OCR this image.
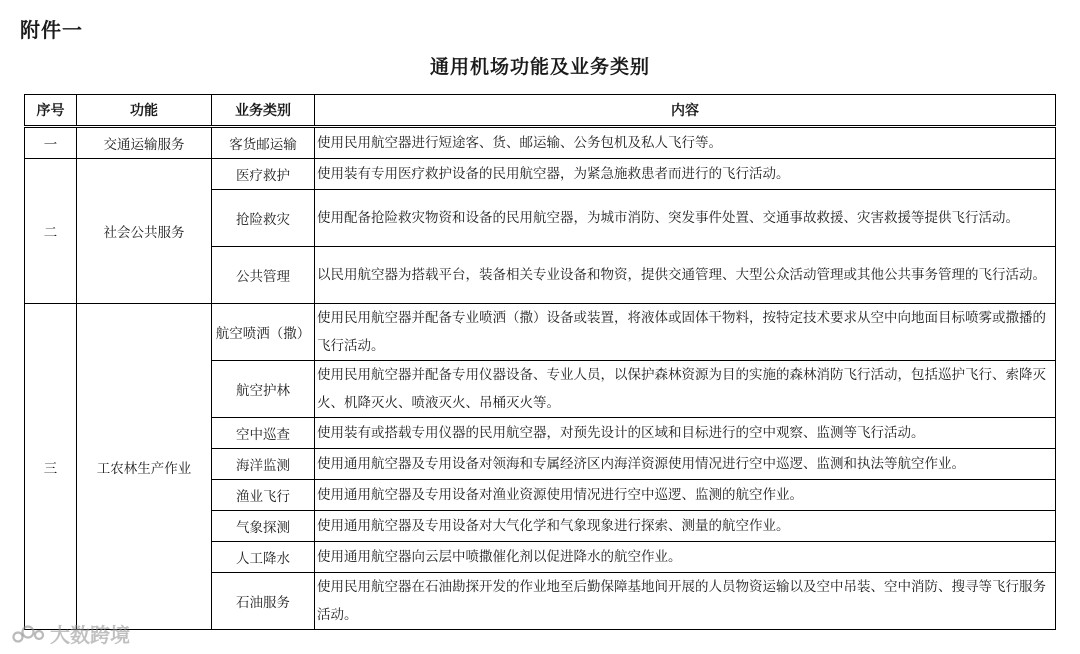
附件一
通用机场功能及业务类别
序号	功能	业务类别	内容
一	交通运输服务	客货邮运输	使用民用航空器进行短途客、货、邮运输、公务包机及私人飞行等。
二	社会公共服务	医疗救护	使用装有专用医疗救护设备的民用航空器，为紧急施救患者而进行的飞行活动。
		抢险救灾	使用配备抢险救灾物资和设备的民用航空器，为城市消防、突发事件处置、交通事故救援、灾害救援等提供飞行活动。
		公共管理	以民用航空器为搭载平台，装备相关专业设备和物资，提供交通管理、大型公众活动管理或其他公共事务管理的飞行活动。
三	工农林生产作业	航空喷洒（撒）	使用民用航空器并配备专业喷洒（撒）设备或装置，将液体或固体干物料，按特定技术要求从空中向地面目标喷雾或撒播的飞行活动。
		航空护林	使用民用航空器并配备专用仪器设备、专业人员，以保护森林资源为目的实施的森林消防飞行活动，包括巡护飞行、索降灭火、机降灭火、喷液灭火、吊桶灭火等。
		空中巡查	使用装有或搭载专用仪器的民用航空器，对预先设计的区域和目标进行的空中观察、监测等飞行活动。
		海洋监测	使用通用航空器及专用设备对领海和专属经济区内海洋资源使用情况进行空中巡逻、监测和执法等航空作业。
		渔业飞行	使用通用航空器及专用设备对渔业资源使用情况进行空中巡逻、监测的航空作业。
		气象探测	使用通用航空器及专用设备对大气化学和气象现象进行探索、测量的航空作业。
		人工降水	使用通用航空器向云层中喷撒催化剂以促进降水的航空作业。
		石油服务	使用民用航空器在石油勘探开发的作业地至后勤保障基地间开展的人员物资运输以及空中吊装、空中消防、搜寻等飞行服务活动。
大数跨境
